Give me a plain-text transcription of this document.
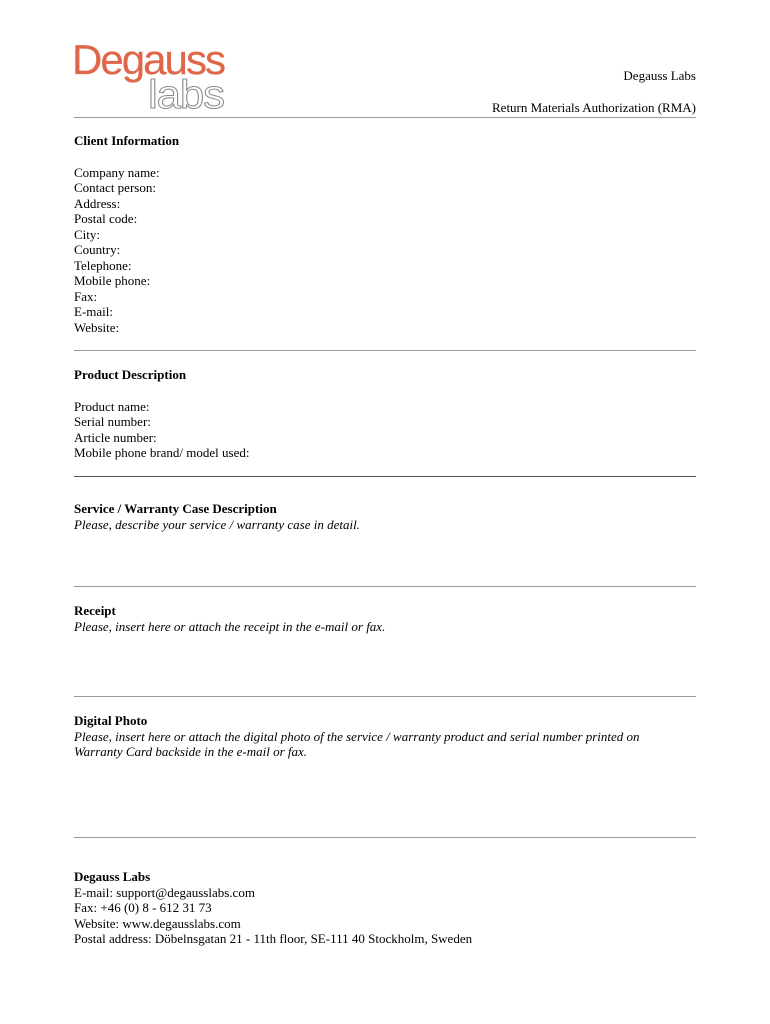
Degauss
labs	Degauss Labs
Return Materials Authorization (RMA)
Client Information
Company name:
Contact person:
Address:
Postal code:
City:
Country:
Telephone:
Mobile phone:
Fax:
E-mail:
Website:
Product Description
Product name:
Serial number:
Article number:
Mobile phone brand/ model used:
Service / Warranty Case Description
Please, describe your service / warranty case in detail.
Receipt
Please, insert here or attach the receipt in the e-mail or fax.
Digital Photo
Please, insert here or attach the digital photo of the service / warranty product and serial number printed on
Warranty Card backside in the e-mail or fax.
Degauss Labs
E-mail: support@degausslabs.com
Fax: +46 (0) 8 - 612 31 73
Website: www.degausslabs.com
Postal address: Döbelnsgatan 21 - 11th floor, SE-111 40 Stockholm, Sweden
